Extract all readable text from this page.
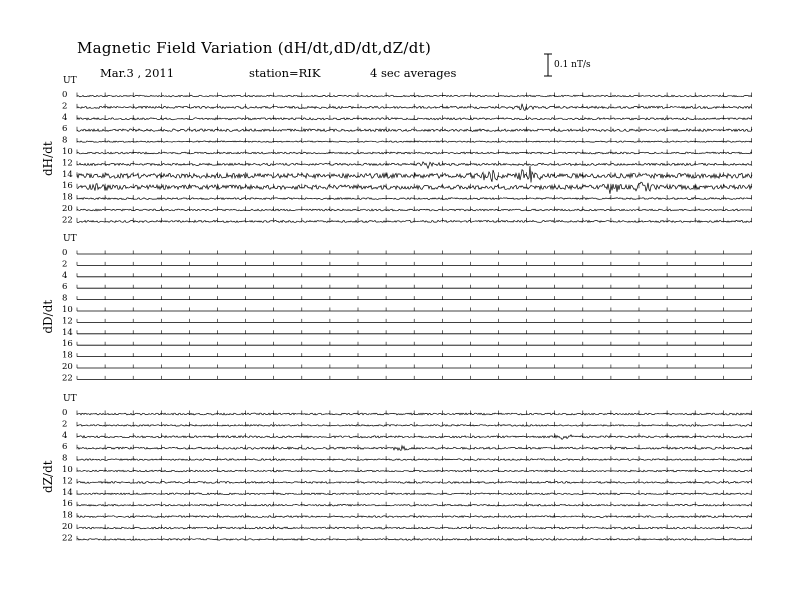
Magnetic Field Variation (dH/dt,dD/dt,dZ/dt)
Mar.3 , 2011	station=RIK	4 sec averages
0.1 nT/s
UT
dH/dt
0
2
4
6
8
10
12
14
16
18
20
22
UT
dD/dt
0
2
4
6
8
10
12
14
16
18
20
22
UT
dZ/dt
0
2
4
6
8
10
12
14
16
18
20
22
